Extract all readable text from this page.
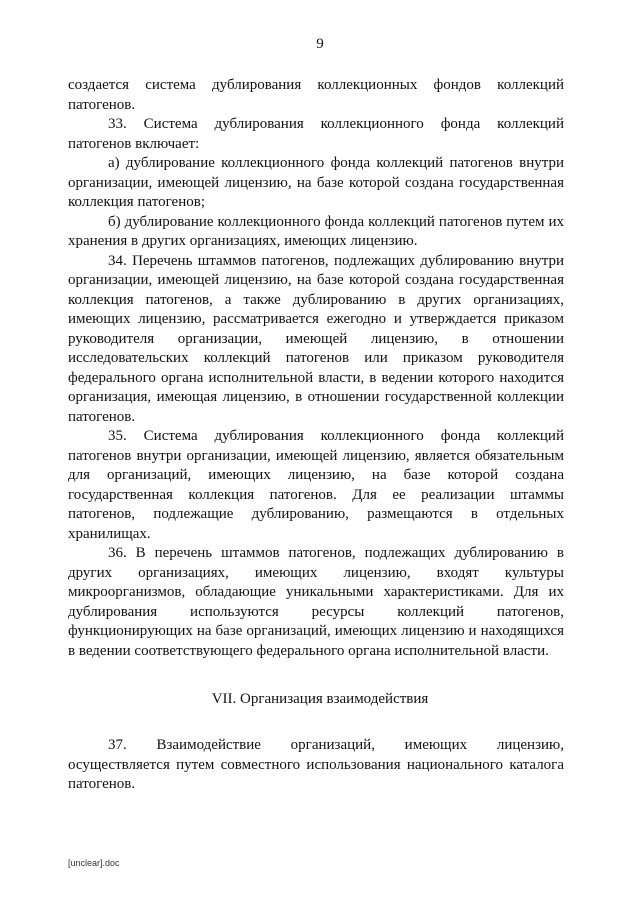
9

создается система дублирования коллекционных фондов коллекций патогенов.

33. Система дублирования коллекционного фонда коллекций патогенов включает:

а) дублирование коллекционного фонда коллекций патогенов внутри организации, имеющей лицензию, на базе которой создана государственная коллекция патогенов;

б) дублирование коллекционного фонда коллекций патогенов путем их хранения в других организациях, имеющих лицензию.

34. Перечень штаммов патогенов, подлежащих дублированию внутри организации, имеющей лицензию, на базе которой создана государственная коллекция патогенов, а также дублированию в других организациях, имеющих лицензию, рассматривается ежегодно и утверждается приказом руководителя организации, имеющей лицензию, в отношении исследовательских коллекций патогенов или приказом руководителя федерального органа исполнительной власти, в ведении которого находится организация, имеющая лицензию, в отношении государственной коллекции патогенов.

35. Система дублирования коллекционного фонда коллекций патогенов внутри организации, имеющей лицензию, является обязательным для организаций, имеющих лицензию, на базе которой создана государственная коллекция патогенов. Для ее реализации штаммы патогенов, подлежащие дублированию, размещаются в отдельных хранилищах.

36. В перечень штаммов патогенов, подлежащих дублированию в других организациях, имеющих лицензию, входят культуры микроорганизмов, обладающие уникальными характеристиками. Для их дублирования используются ресурсы коллекций патогенов, функционирующих на базе организаций, имеющих лицензию и находящихся в ведении соответствующего федерального органа исполнительной власти.

VII. Организация взаимодействия

37. Взаимодействие организаций, имеющих лицензию, осуществляется путем совместного использования национального каталога патогенов.

[unclear].doc
